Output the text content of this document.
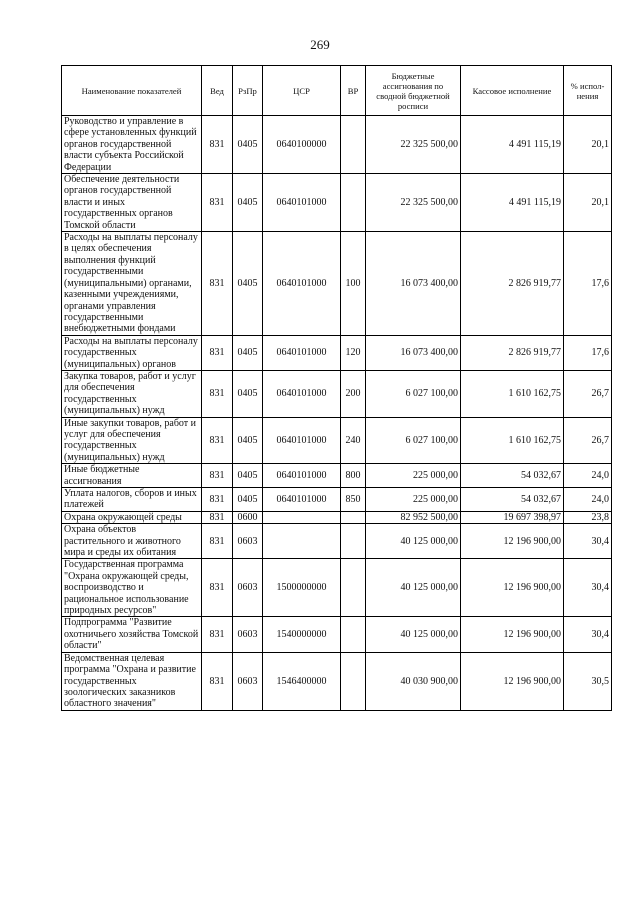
269
Наименование показателей	Вед	РзПр	ЦСР	ВР	Бюджетные ассигнования по сводной бюджетной росписи	Кассовое исполнение	% испол-нения
Руководство и управление в сфере установленных функций органов государственной власти субъекта Российской Федерации	831	0405	0640100000		22 325 500,00	4 491 115,19	20,1
Обеспечение деятельности органов государственной власти и иных государственных органов Томской области	831	0405	0640101000		22 325 500,00	4 491 115,19	20,1
Расходы на выплаты персоналу в целях обеспечения выполнения функций государственными (муниципальными) органами, казенными учреждениями, органами управления государственными внебюджетными фондами	831	0405	0640101000	100	16 073 400,00	2 826 919,77	17,6
Расходы на выплаты персоналу государственных (муниципальных) органов	831	0405	0640101000	120	16 073 400,00	2 826 919,77	17,6
Закупка товаров, работ и услуг для обеспечения государственных (муниципальных) нужд	831	0405	0640101000	200	6 027 100,00	1 610 162,75	26,7
Иные закупки товаров, работ и услуг для обеспечения государственных (муниципальных) нужд	831	0405	0640101000	240	6 027 100,00	1 610 162,75	26,7
Иные бюджетные ассигнования	831	0405	0640101000	800	225 000,00	54 032,67	24,0
Уплата налогов, сборов и иных платежей	831	0405	0640101000	850	225 000,00	54 032,67	24,0
Охрана окружающей среды	831	0600			82 952 500,00	19 697 398,97	23,8
Охрана объектов растительного и животного мира и среды их обитания	831	0603			40 125 000,00	12 196 900,00	30,4
Государственная программа "Охрана окружающей среды, воспроизводство и рациональное использование природных ресурсов"	831	0603	1500000000		40 125 000,00	12 196 900,00	30,4
Подпрограмма "Развитие охотничьего хозяйства Томской области"	831	0603	1540000000		40 125 000,00	12 196 900,00	30,4
Ведомственная целевая программа "Охрана и развитие государственных зоологических заказников областного значения"	831	0603	1546400000		40 030 900,00	12 196 900,00	30,5
